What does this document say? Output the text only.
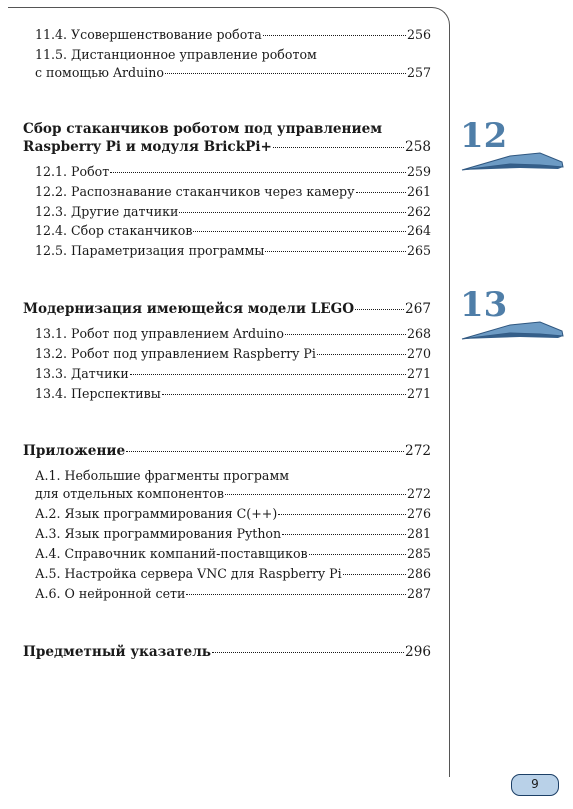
11.4. Усовершенствование робота	256
11.5. Дистанционное управление роботом
с помощью Arduino	257
Сбор стаканчиков роботом под управлением
Raspberry Pi и модуля BrickPi+	258
12.1. Робот	259
12.2. Распознавание стаканчиков через камеру	261
12.3. Другие датчики	262
12.4. Сбор стаканчиков	264
12.5. Параметризация программы	265
Модернизация имеющейся модели LEGO	267
13.1. Робот под управлением Arduino	268
13.2. Робот под управлением Raspberry Pi	270
13.3. Датчики	271
13.4. Перспективы	271
Приложение	272
А.1. Небольшие фрагменты программ
для отдельных компонентов	272
А.2. Язык программирования C(++)	276
А.3. Язык программирования Python	281
А.4. Справочник компаний-поставщиков	285
А.5. Настройка сервера VNC для Raspberry Pi	286
А.6. О нейронной сети	287
Предметный указатель	296
12
13
9
